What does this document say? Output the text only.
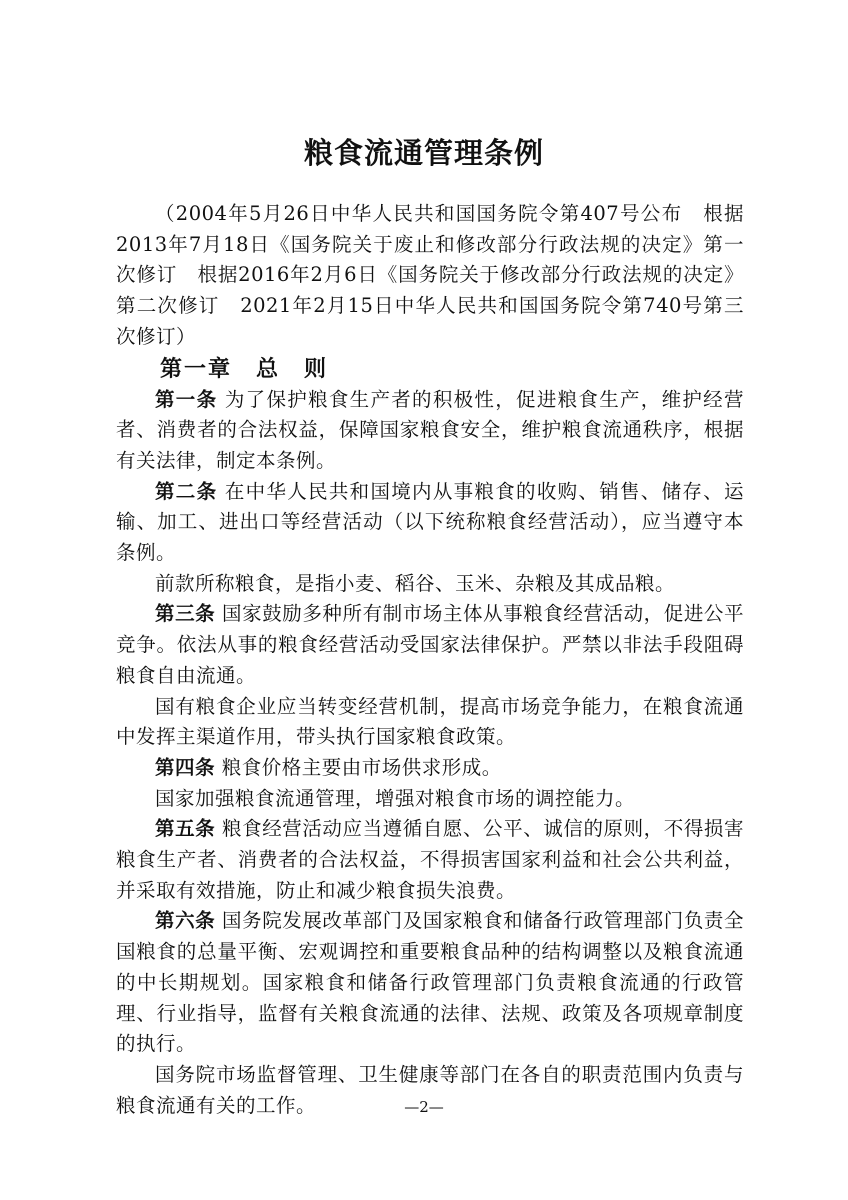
粮食流通管理条例

（2004年5月26日中华人民共和国国务院令第407号公布　根据2013年7月18日《国务院关于废止和修改部分行政法规的决定》第一次修订　根据2016年2月6日《国务院关于修改部分行政法规的决定》第二次修订　2021年2月15日中华人民共和国国务院令第740号第三次修订）

第一章　总　则

第一条 为了保护粮食生产者的积极性，促进粮食生产，维护经营者、消费者的合法权益，保障国家粮食安全，维护粮食流通秩序，根据有关法律，制定本条例。

第二条 在中华人民共和国境内从事粮食的收购、销售、储存、运输、加工、进出口等经营活动（以下统称粮食经营活动），应当遵守本条例。

前款所称粮食，是指小麦、稻谷、玉米、杂粮及其成品粮。

第三条 国家鼓励多种所有制市场主体从事粮食经营活动，促进公平竞争。依法从事的粮食经营活动受国家法律保护。严禁以非法手段阻碍粮食自由流通。

国有粮食企业应当转变经营机制，提高市场竞争能力，在粮食流通中发挥主渠道作用，带头执行国家粮食政策。

第四条 粮食价格主要由市场供求形成。

国家加强粮食流通管理，增强对粮食市场的调控能力。

第五条 粮食经营活动应当遵循自愿、公平、诚信的原则，不得损害粮食生产者、消费者的合法权益，不得损害国家利益和社会公共利益，并采取有效措施，防止和减少粮食损失浪费。

第六条 国务院发展改革部门及国家粮食和储备行政管理部门负责全国粮食的总量平衡、宏观调控和重要粮食品种的结构调整以及粮食流通的中长期规划。国家粮食和储备行政管理部门负责粮食流通的行政管理、行业指导，监督有关粮食流通的法律、法规、政策及各项规章制度的执行。

国务院市场监督管理、卫生健康等部门在各自的职责范围内负责与粮食流通有关的工作。	—2—
